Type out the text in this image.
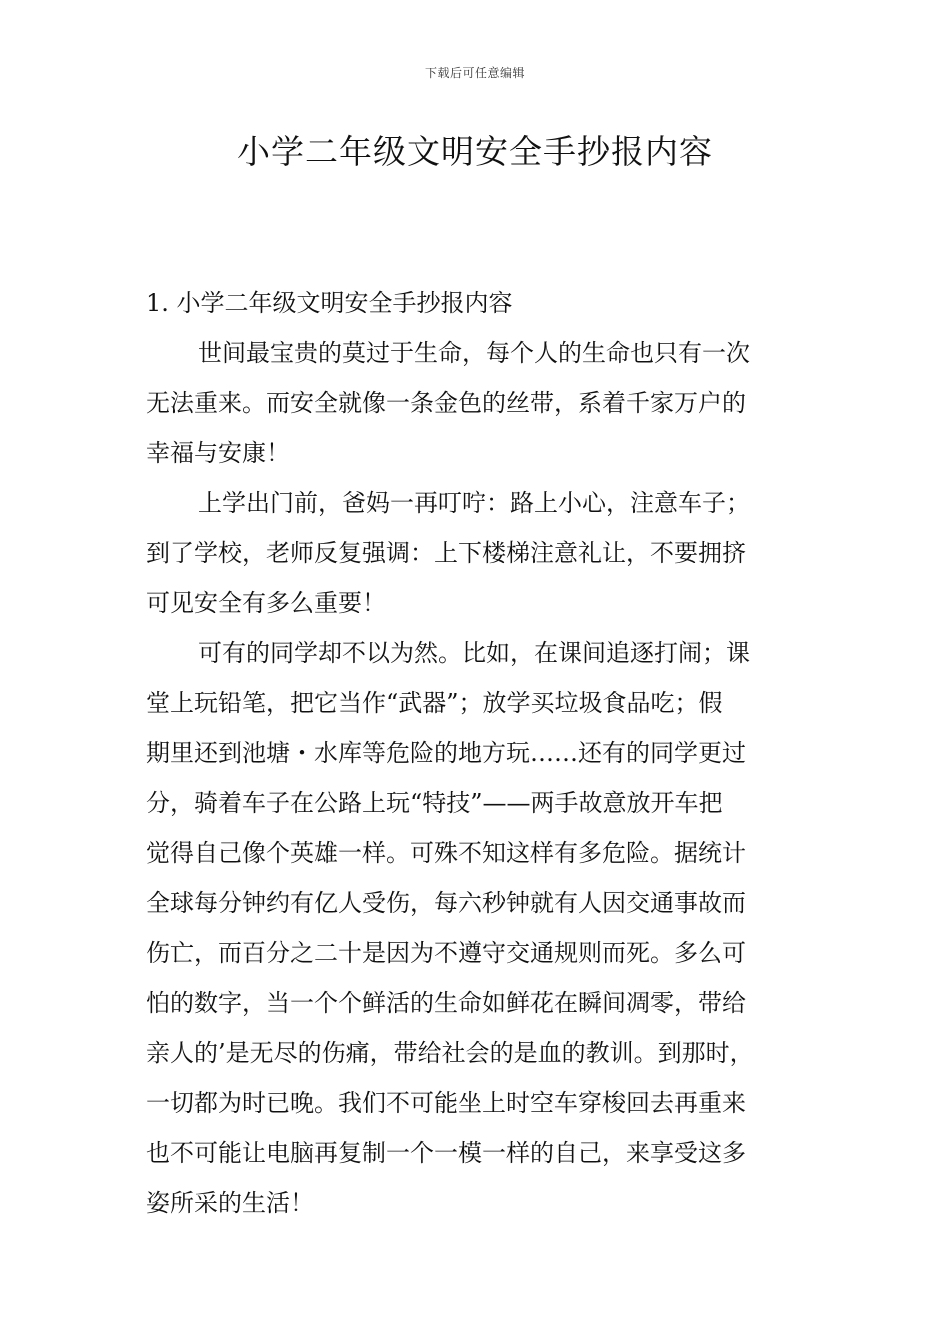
下载后可任意编辑
小学二年级文明安全手抄报内容

1. 小学二年级文明安全手抄报内容

世间最宝贵的莫过于生命，每个人的生命也只有一次
无法重来。而安全就像一条金色的丝带，系着千家万户的
幸福与安康！

上学出门前，爸妈一再叮咛：路上小心，注意车子；
到了学校，老师反复强调：上下楼梯注意礼让，不要拥挤
可见安全有多么重要！

可有的同学却不以为然。比如，在课间追逐打闹；课
堂上玩铅笔，把它当作“武器”；放学买垃圾食品吃；假
期里还到池塘・水库等危险的地方玩……还有的同学更过
分，骑着车子在公路上玩“特技”——两手故意放开车把
觉得自己像个英雄一样。可殊不知这样有多危险。据统计
全球每分钟约有亿人受伤，每六秒钟就有人因交通事故而
伤亡，而百分之二十是因为不遵守交通规则而死。多么可
怕的数字，当一个个鲜活的生命如鲜花在瞬间凋零，带给
亲人的’是无尽的伤痛，带给社会的是血的教训。到那时，
一切都为时已晚。我们不可能坐上时空车穿梭回去再重来
也不可能让电脑再复制一个一模一样的自己，来享受这多
姿所采的生活！
